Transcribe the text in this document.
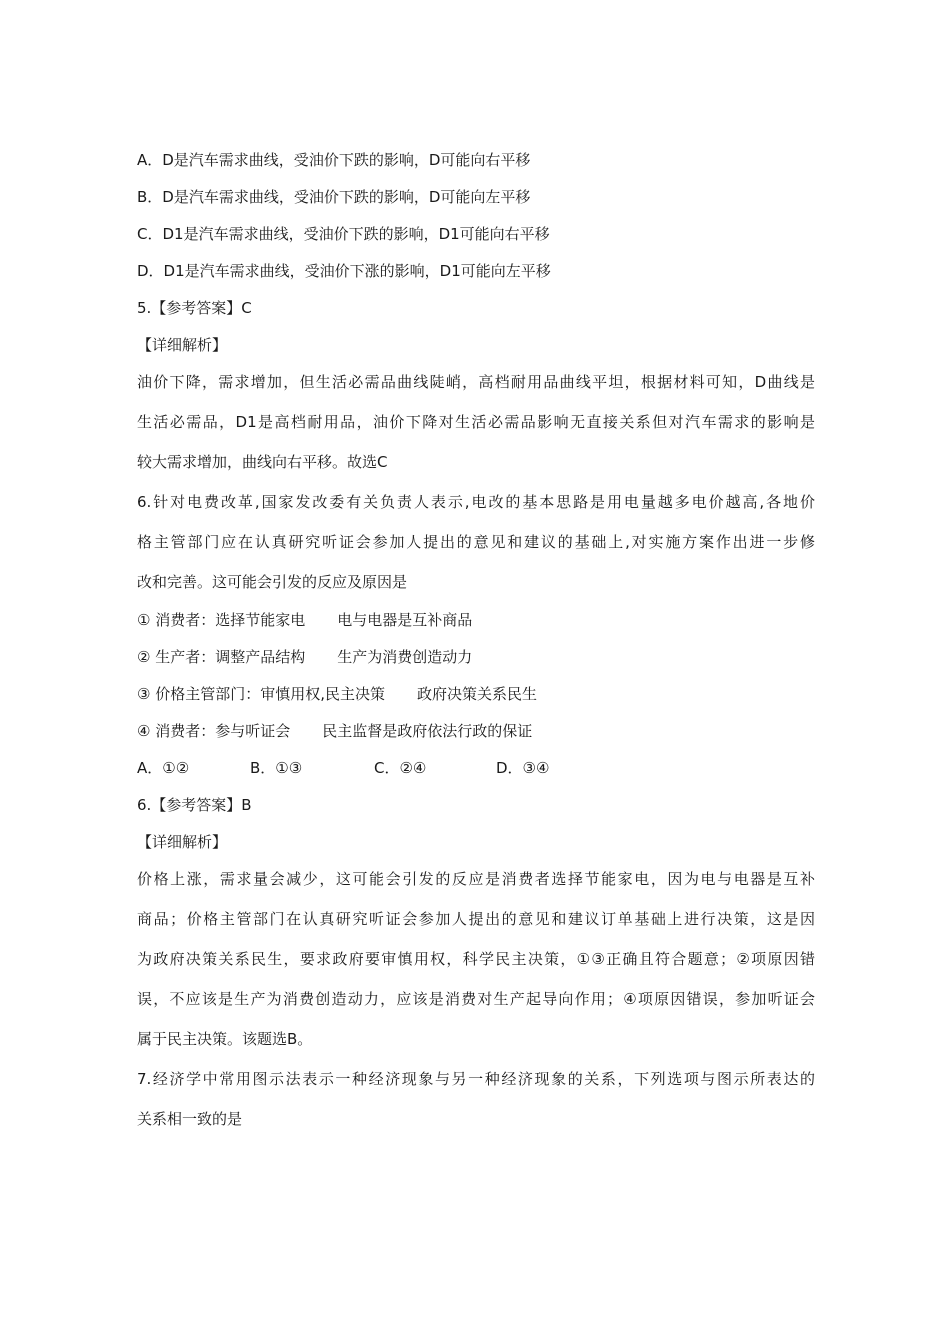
A．D是汽车需求曲线，受油价下跌的影响，D可能向右平移
B．D是汽车需求曲线，受油价下跌的影响，D可能向左平移
C．D1是汽车需求曲线，受油价下跌的影响，D1可能向右平移
D．D1是汽车需求曲线，受油价下涨的影响，D1可能向左平移
5.【参考答案】C
【详细解析】
油价下降，需求增加，但生活必需品曲线陡峭，高档耐用品曲线平坦，根据材料可知，D曲线是
生活必需品，D1是高档耐用品，油价下降对生活必需品影响无直接关系但对汽车需求的影响是
较大需求增加，曲线向右平移。故选C
6.针对电费改革,国家发改委有关负责人表示,电改的基本思路是用电量越多电价越高,各地价
格主管部门应在认真研究听证会参加人提出的意见和建议的基础上,对实施方案作出进一步修
改和完善。这可能会引发的反应及原因是
① 消费者：选择节能家电 电与电器是互补商品
② 生产者：调整产品结构 生产为消费创造动力
③ 价格主管部门：审慎用权,民主决策 政府决策关系民生
④ 消费者：参与听证会 民主监督是政府依法行政的保证
A．①②	B．①③	C．②④	D．③④
6.【参考答案】B
【详细解析】
价格上涨，需求量会减少，这可能会引发的反应是消费者选择节能家电，因为电与电器是互补
商品；价格主管部门在认真研究听证会参加人提出的意见和建议订单基础上进行决策，这是因
为政府决策关系民生，要求政府要审慎用权，科学民主决策，①③正确且符合题意；②项原因错
误，不应该是生产为消费创造动力，应该是消费对生产起导向作用；④项原因错误，参加听证会
属于民主决策。该题选B。
7.经济学中常用图示法表示一种经济现象与另一种经济现象的关系，下列选项与图示所表达的
关系相一致的是
